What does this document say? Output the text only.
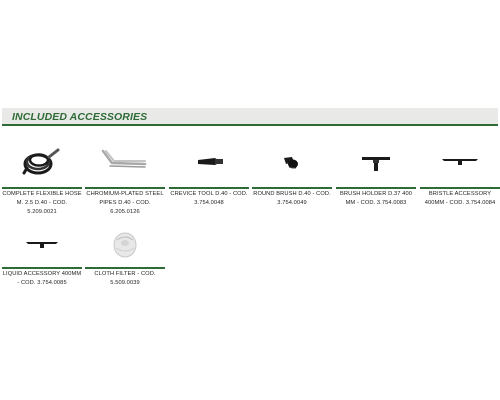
INCLUDED ACCESSORIES
COMPLETE FLEXIBLE HOSE M. 2.5 D.40 - COD. 5.209.0021
CHROMIUM-PLATED STEEL PIPES D.40 - COD. 6.205.0126
CREVICE TOOL D.40 - COD. 3.754.0048
ROUND BRUSH D.40 - COD. 3.754.0049
BRUSH HOLDER D.37 400 MM - COD. 3.754.0083
BRISTLE ACCESSORY 400MM - COD. 3.754.0084
LIQUID ACCESSORY 400MM - COD. 3.754.0085
CLOTH FILTER - COD. 5.509.0039
